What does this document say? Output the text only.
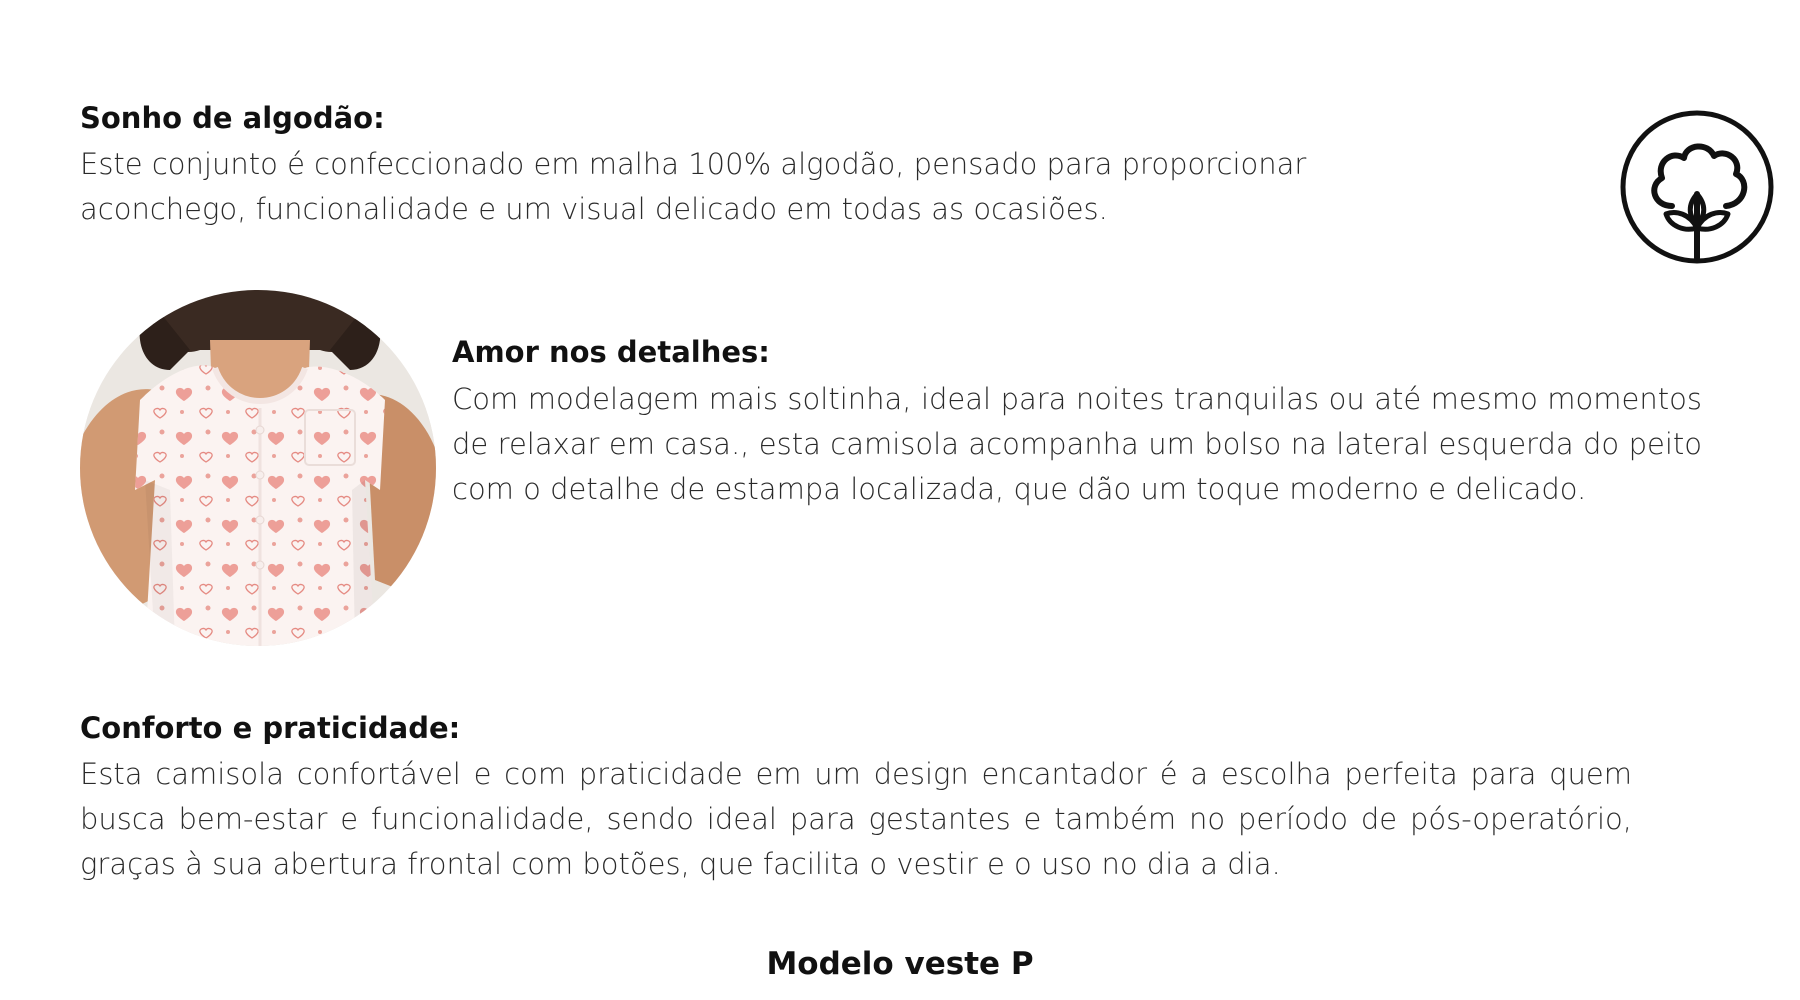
Sonho de algodão:

Este conjunto é confeccionado em malha 100% algodão, pensado para proporcionar aconchego, funcionalidade e um visual delicado em todas as ocasiões.

Amor nos detalhes:

Com modelagem mais soltinha, ideal para noites tranquilas ou até mesmo momentos de relaxar em casa., esta camisola acompanha um bolso na lateral esquerda do peito com o detalhe de estampa localizada, que dão um toque moderno e delicado.

Conforto e praticidade:

Esta camisola confortável e com praticidade em um design encantador é a escolha perfeita para quem busca bem-estar e funcionalidade, sendo ideal para gestantes e também no período de pós-operatório, graças à sua abertura frontal com botões, que facilita o vestir e o uso no dia a dia.

Modelo veste P
